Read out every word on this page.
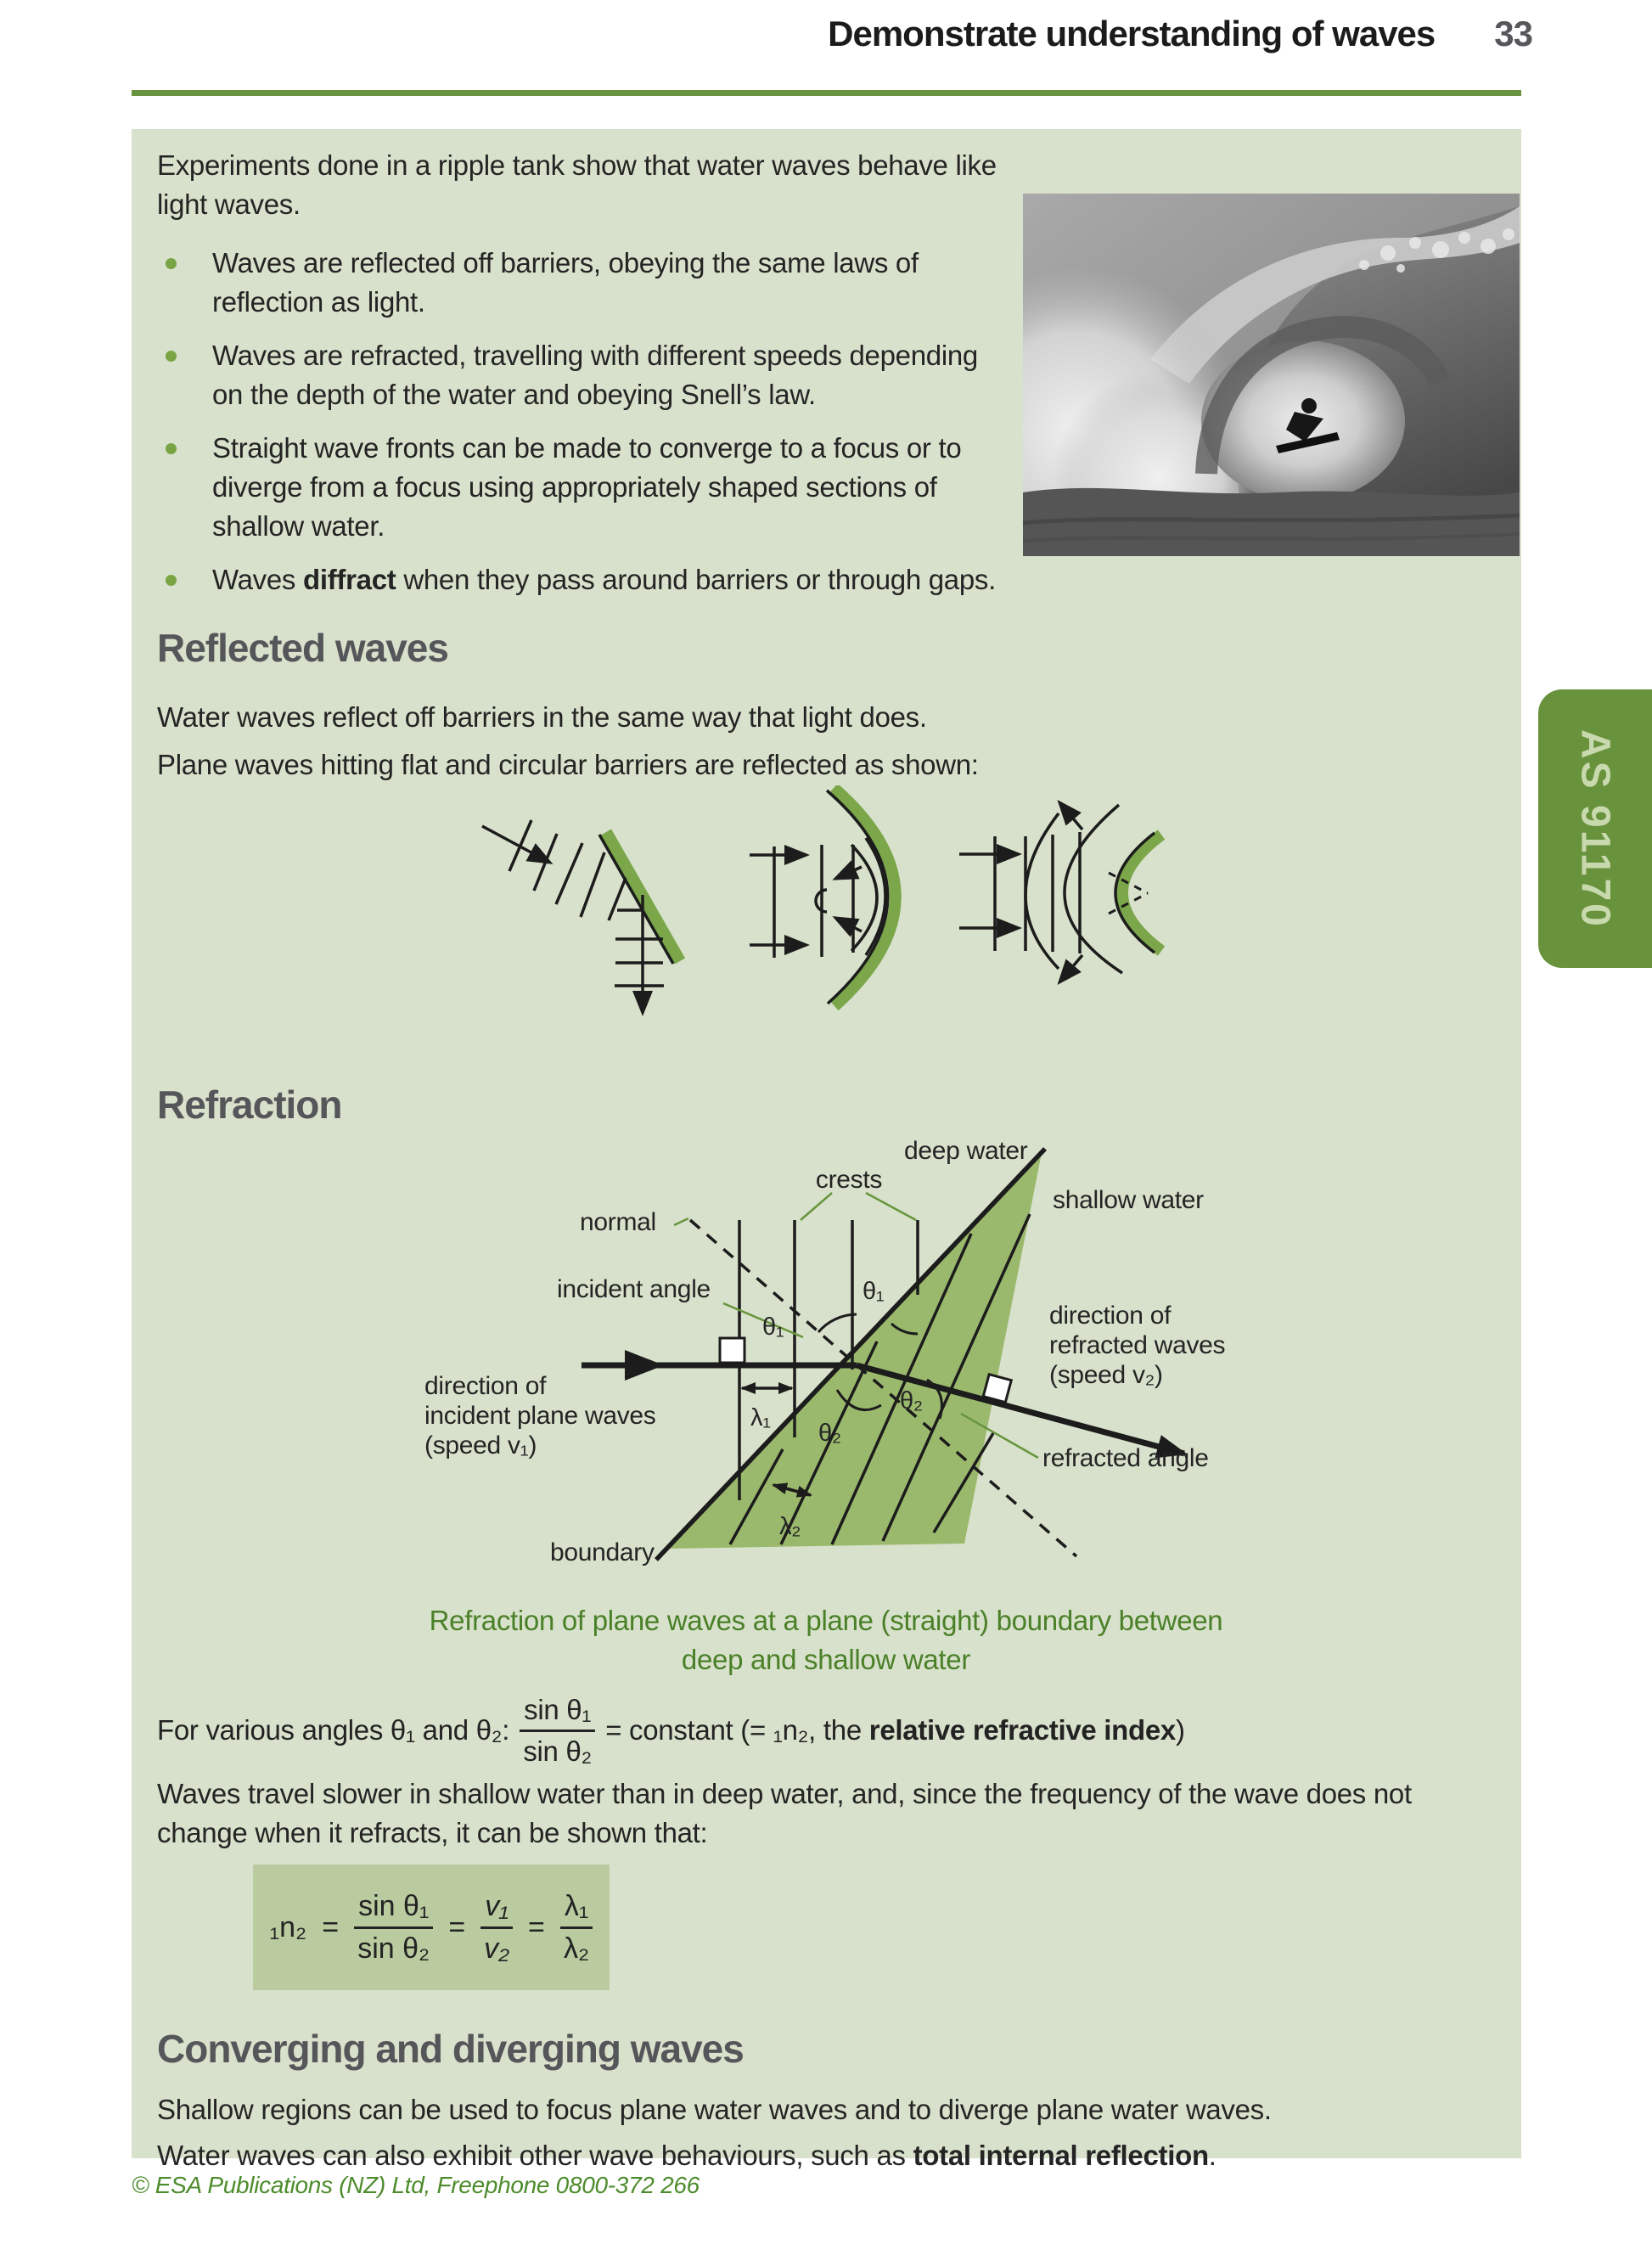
Demonstrate understanding of waves 33
Experiments done in a ripple tank show that water waves behave like
light waves.
Waves are reflected off barriers, obeying the same laws of
reflection as light.
Waves are refracted, travelling with different speeds depending
on the depth of the water and obeying Snell’s law.
Straight wave fronts can be made to converge to a focus or to
diverge from a focus using appropriately shaped sections of
shallow water.
Waves diffract when they pass around barriers or through gaps.
Reflected waves
Water waves reflect off barriers in the same way that light does.
Plane waves hitting flat and circular barriers are reflected as shown:
Refraction
deep water
crests
normal
incident angle
shallow water
direction of
refracted waves
(speed v₂)
direction of
incident plane waves
(speed v₁)	refracted angle
boundary
θ₁
θ₁
θ₂
θ₂
λ₁
λ₂
Refraction of plane waves at a plane (straight) boundary between
deep and shallow water
For various angles θ₁ and θ₂: $\frac{\text{sin θ₁}}{\text{sin θ₂}}$ = constant (= ₁n₂, the relative refractive index)
Waves travel slower in shallow water than in deep water, and, since the frequency of the wave does not
change when it refracts, it can be shown that:
$_1n_2 = \frac{\text{sin θ₁}}{\text{sin θ₂}} = \frac{\text{v₁}}{\text{v₂}} = \frac{\text{λ₁}}{\text{λ₂}}$
Converging and diverging waves
Shallow regions can be used to focus plane water waves and to diverge plane water waves.
Water waves can also exhibit other wave behaviours, such as total internal reflection.
© ESA Publications (NZ) Ltd, Freephone 0800-372 266
AS 91170
